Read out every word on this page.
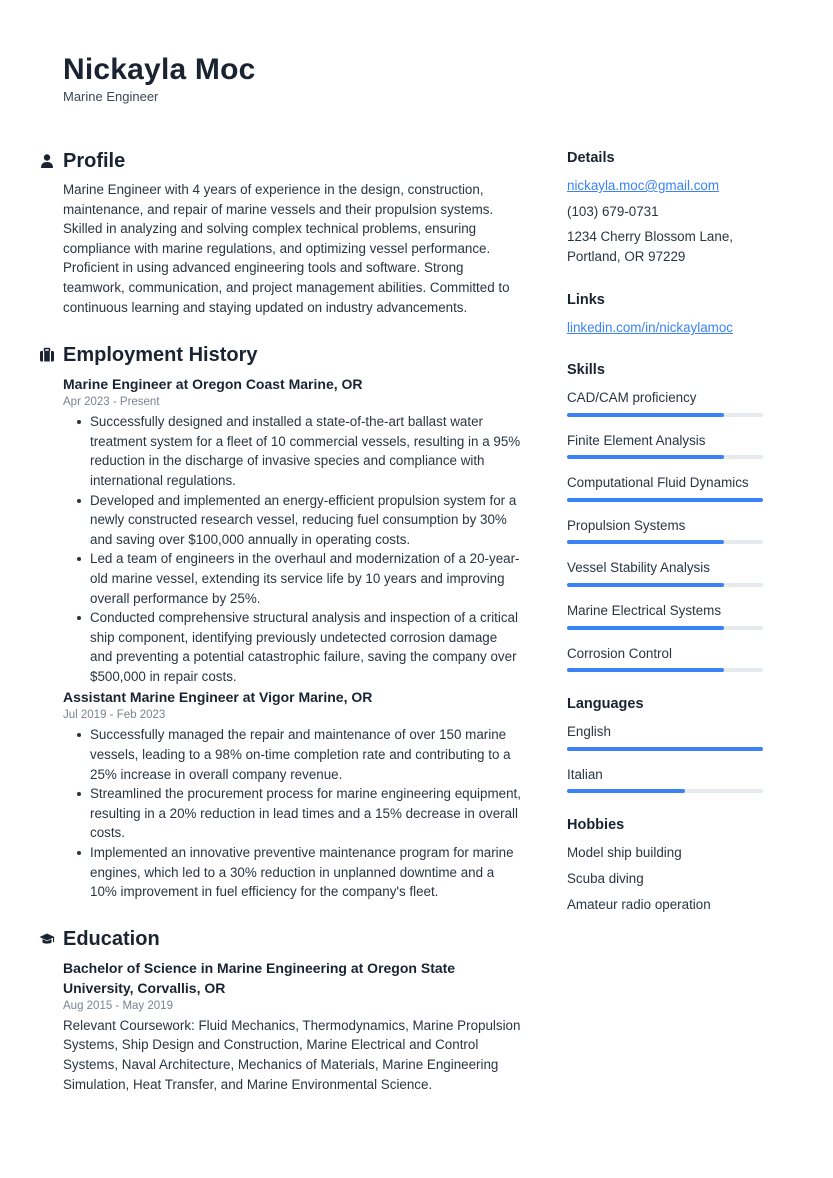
Nickayla Moc
Marine Engineer
Profile

Marine Engineer with 4 years of experience in the design, construction, maintenance, and repair of marine vessels and their propulsion systems. Skilled in analyzing and solving complex technical problems, ensuring compliance with marine regulations, and optimizing vessel performance. Proficient in using advanced engineering tools and software. Strong teamwork, communication, and project management abilities. Committed to continuous learning and staying updated on industry advancements.

Employment History
Marine Engineer at Oregon Coast Marine, OR
Apr 2023 - Present
Successfully designed and installed a state-of-the-art ballast water treatment system for a fleet of 10 commercial vessels, resulting in a 95% reduction in the discharge of invasive species and compliance with international regulations.
Developed and implemented an energy-efficient propulsion system for a newly constructed research vessel, reducing fuel consumption by 30% and saving over $100,000 annually in operating costs.
Led a team of engineers in the overhaul and modernization of a 20-year-old marine vessel, extending its service life by 10 years and improving overall performance by 25%.
Conducted comprehensive structural analysis and inspection of a critical ship component, identifying previously undetected corrosion damage and preventing a potential catastrophic failure, saving the company over $500,000 in repair costs.
Assistant Marine Engineer at Vigor Marine, OR
Jul 2019 - Feb 2023
Successfully managed the repair and maintenance of over 150 marine vessels, leading to a 98% on-time completion rate and contributing to a 25% increase in overall company revenue.
Streamlined the procurement process for marine engineering equipment, resulting in a 20% reduction in lead times and a 15% decrease in overall costs.
Implemented an innovative preventive maintenance program for marine engines, which led to a 30% reduction in unplanned downtime and a 10% improvement in fuel efficiency for the company's fleet.
Education
Bachelor of Science in Marine Engineering at Oregon State University, Corvallis, OR
Aug 2015 - May 2019

Relevant Coursework: Fluid Mechanics, Thermodynamics, Marine Propulsion Systems, Ship Design and Construction, Marine Electrical and Control Systems, Naval Architecture, Mechanics of Materials, Marine Engineering Simulation, Heat Transfer, and Marine Environmental Science.

Details
nickayla.moc@gmail.com
(103) 679-0731
1234 Cherry Blossom Lane,
Portland, OR 97229
Links
linkedin.com/in/nickaylamoc
Skills
CAD/CAM proficiency
Finite Element Analysis
Computational Fluid Dynamics
Propulsion Systems
Vessel Stability Analysis
Marine Electrical Systems
Corrosion Control
Languages
English
Italian
Hobbies
Model ship building
Scuba diving
Amateur radio operation
